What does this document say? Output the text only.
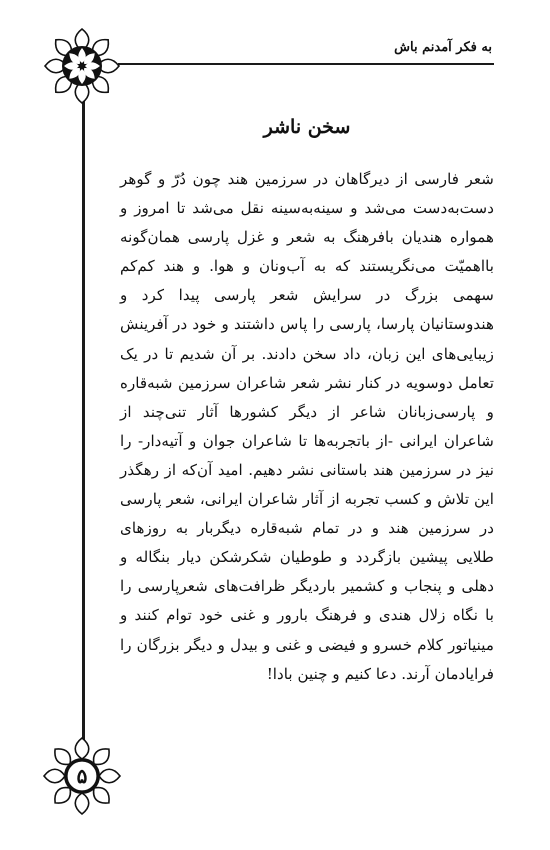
به فکر آمدنم باش
سخن ناشر

شعر فارسی از دیرگاهان در سرزمین هند چون دُرّ و گوهر دست‌به‌دست می‌شد و سینه‌به‌سینه نقل می‌شد تا امروز و همواره هندیان بافرهنگ به شعر و غزل پارسی همان‌گونه بااهمیّت می‌نگریستند که به آب‌ونان و هوا. و هند کم‌کم سهمی بزرگ در سرایش شعر پارسی پیدا کرد و هندوستانیان پارسا، پارسی را پاس داشتند و خود در آفرینش زیبایی‌های این زبان، داد سخن دادند. بر آن شدیم تا در یک تعامل دوسویه در کنار نشر شعر شاعران سرزمین شبه‌قاره و پارسی‌زبانان شاعر از دیگر کشورها آثار تنی‌چند از شاعران ایرانی -از باتجربه‌ها تا شاعران جوان و آتیه‌دار- را نیز در سرزمین هند باستانی نشر دهیم. امید آن‌که از رهگذر این تلاش و کسب تجربه از آثار شاعران ایرانی، شعر پارسی در سرزمین هند و در تمام شبه‌قاره دیگربار به روزهای طلایی پیشین بازگردد و طوطیان شکرشکن دیار بنگاله و دهلی و پنجاب و کشمیر باردیگر ظرافت‌های شعرپارسی را با نگاه زلال هندی و فرهنگ بارور و غنی خود توام کنند و مینیاتور کلام خسرو و فیضی و غنی و بیدل و دیگر بزرگان را فرایادمان آرند. دعا کنیم و چنین بادا!

۵
